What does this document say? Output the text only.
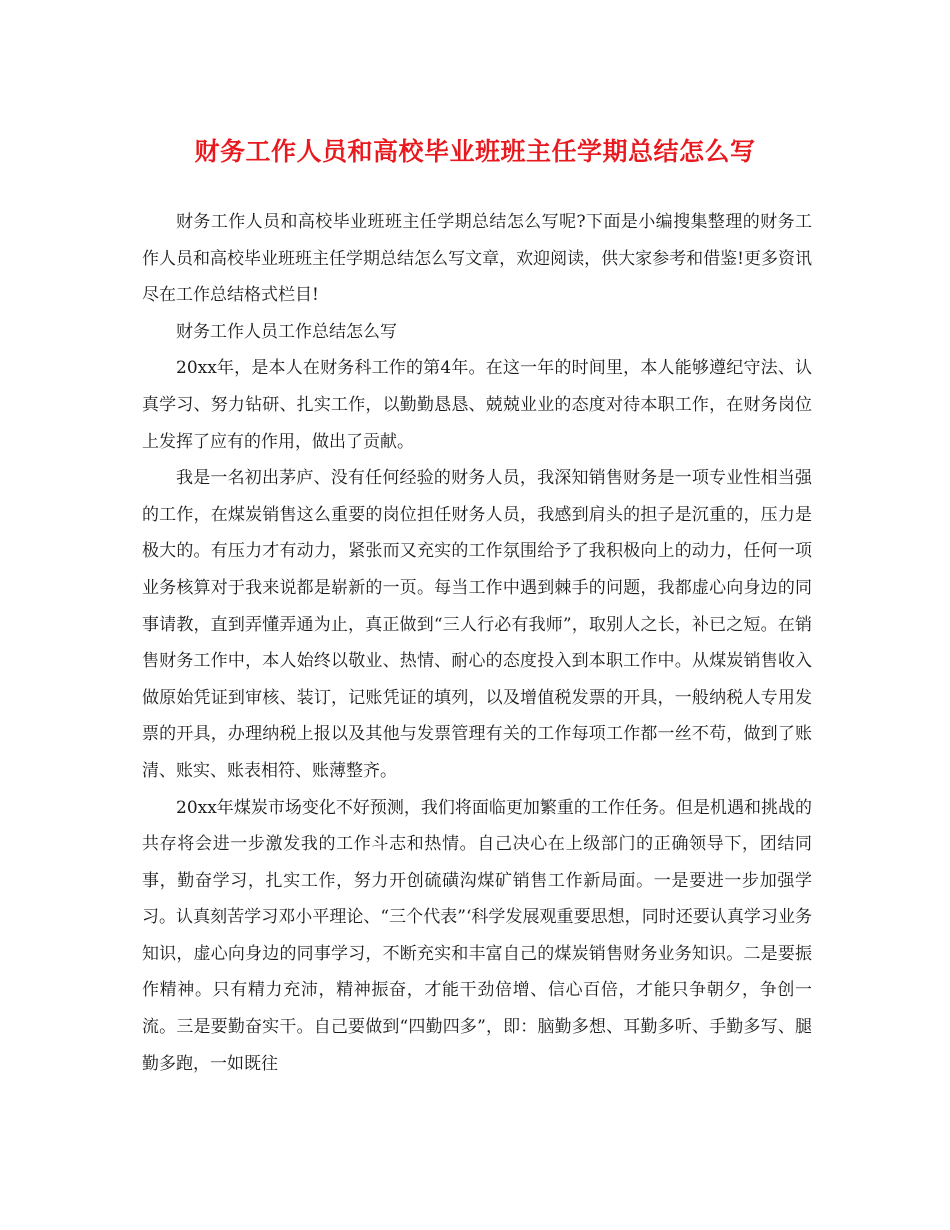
财务工作人员和高校毕业班班主任学期总结怎么写

财务工作人员和高校毕业班班主任学期总结怎么写呢?下面是小编搜集整理的财务工作人员和高校毕业班班主任学期总结怎么写文章，欢迎阅读，供大家参考和借鉴!更多资讯尽在工作总结格式栏目!

财务工作人员工作总结怎么写

20xx年，是本人在财务科工作的第4年。在这一年的时间里，本人能够遵纪守法、认真学习、努力钻研、扎实工作，以勤勤恳恳、兢兢业业的态度对待本职工作，在财务岗位上发挥了应有的作用，做出了贡献。

我是一名初出茅庐、没有任何经验的财务人员，我深知销售财务是一项专业性相当强的工作，在煤炭销售这么重要的岗位担任财务人员，我感到肩头的担子是沉重的，压力是极大的。有压力才有动力，紧张而又充实的工作氛围给予了我积极向上的动力，任何一项业务核算对于我来说都是崭新的一页。每当工作中遇到棘手的问题，我都虚心向身边的同事请教，直到弄懂弄通为止，真正做到“三人行必有我师”，取别人之长，补已之短。在销售财务工作中，本人始终以敬业、热情、耐心的态度投入到本职工作中。从煤炭销售收入做原始凭证到审核、装订，记账凭证的填列，以及增值税发票的开具，一般纳税人专用发票的开具，办理纳税上报以及其他与发票管理有关的工作每项工作都一丝不苟，做到了账清、账实、账表相符、账薄整齐。

20xx年煤炭市场变化不好预测，我们将面临更加繁重的工作任务。但是机遇和挑战的共存将会进一步激发我的工作斗志和热情。自己决心在上级部门的正确领导下，团结同事，勤奋学习，扎实工作，努力开创硫磺沟煤矿销售工作新局面。一是要进一步加强学习。认真刻苦学习邓小平理论、“三个代表”‘科学发展观重要思想，同时还要认真学习业务知识，虚心向身边的同事学习，不断充实和丰富自己的煤炭销售财务业务知识。二是要振作精神。只有精力充沛，精神振奋，才能干劲倍增、信心百倍，才能只争朝夕，争创一流。三是要勤奋实干。自己要做到“四勤四多”，即：脑勤多想、耳勤多听、手勤多写、腿勤多跑，一如既往
